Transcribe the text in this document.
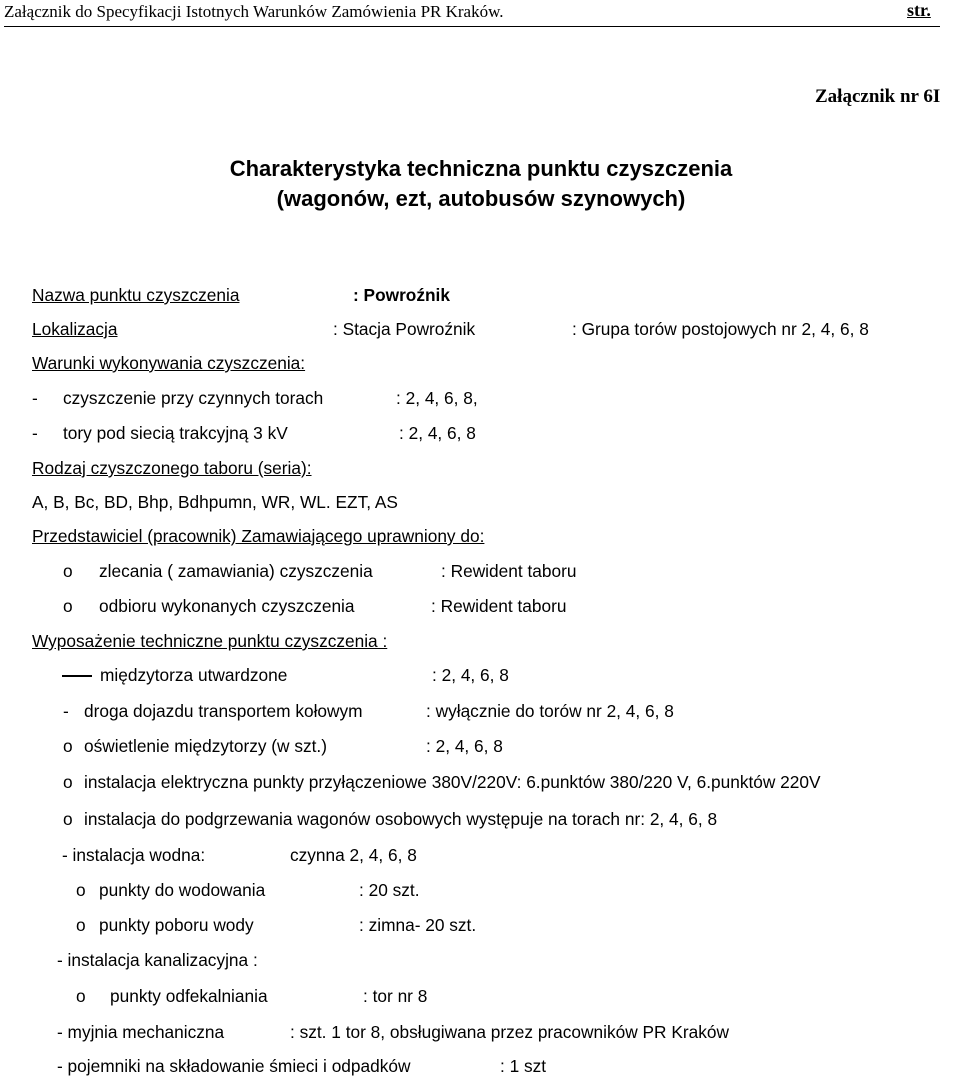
Załącznik do Specyfikacji Istotnych Warunków Zamówienia PR Kraków.	str.
Załącznik nr 6I
Charakterystyka techniczna punktu czyszczenia
(wagonów, ezt, autobusów szynowych)
Nazwa punktu czyszczenia	: Powroźnik
Lokalizacja	: Stacja Powroźnik	: Grupa torów postojowych nr 2, 4, 6, 8
Warunki wykonywania czyszczenia:
- czyszczenie przy czynnych torach	: 2, 4, 6, 8,
- tory pod siecią trakcyjną 3 kV	: 2, 4, 6, 8
Rodzaj czyszczonego taboru (seria):
A, B, Bc, BD, Bhp, Bdhpumn, WR, WL. EZT, AS
Przedstawiciel (pracownik) Zamawiającego uprawniony do:
o zlecania ( zamawiania) czyszczenia	: Rewident taboru
o odbioru wykonanych czyszczenia	: Rewident taboru
Wyposażenie techniczne punktu czyszczenia :
międzytorza utwardzone	: 2, 4, 6, 8
- droga dojazdu transportem kołowym	: wyłącznie do torów nr 2, 4, 6, 8
o oświetlenie międzytorzy (w szt.)	: 2, 4, 6, 8
o instalacja elektryczna punkty przyłączeniowe 380V/220V: 6.punktów 380/220 V, 6.punktów 220V
o instalacja do podgrzewania wagonów osobowych występuje na torach nr: 2, 4, 6, 8
- instalacja wodna:	czynna 2, 4, 6, 8
o punkty do wodowania	: 20 szt.
o punkty poboru wody	: zimna- 20 szt.
- instalacja kanalizacyjna :
o punkty odfekalniania	: tor nr 8
- myjnia mechaniczna	: szt. 1 tor 8, obsługiwana przez pracowników PR Kraków
- pojemniki na składowanie śmieci i odpadków	: 1 szt
